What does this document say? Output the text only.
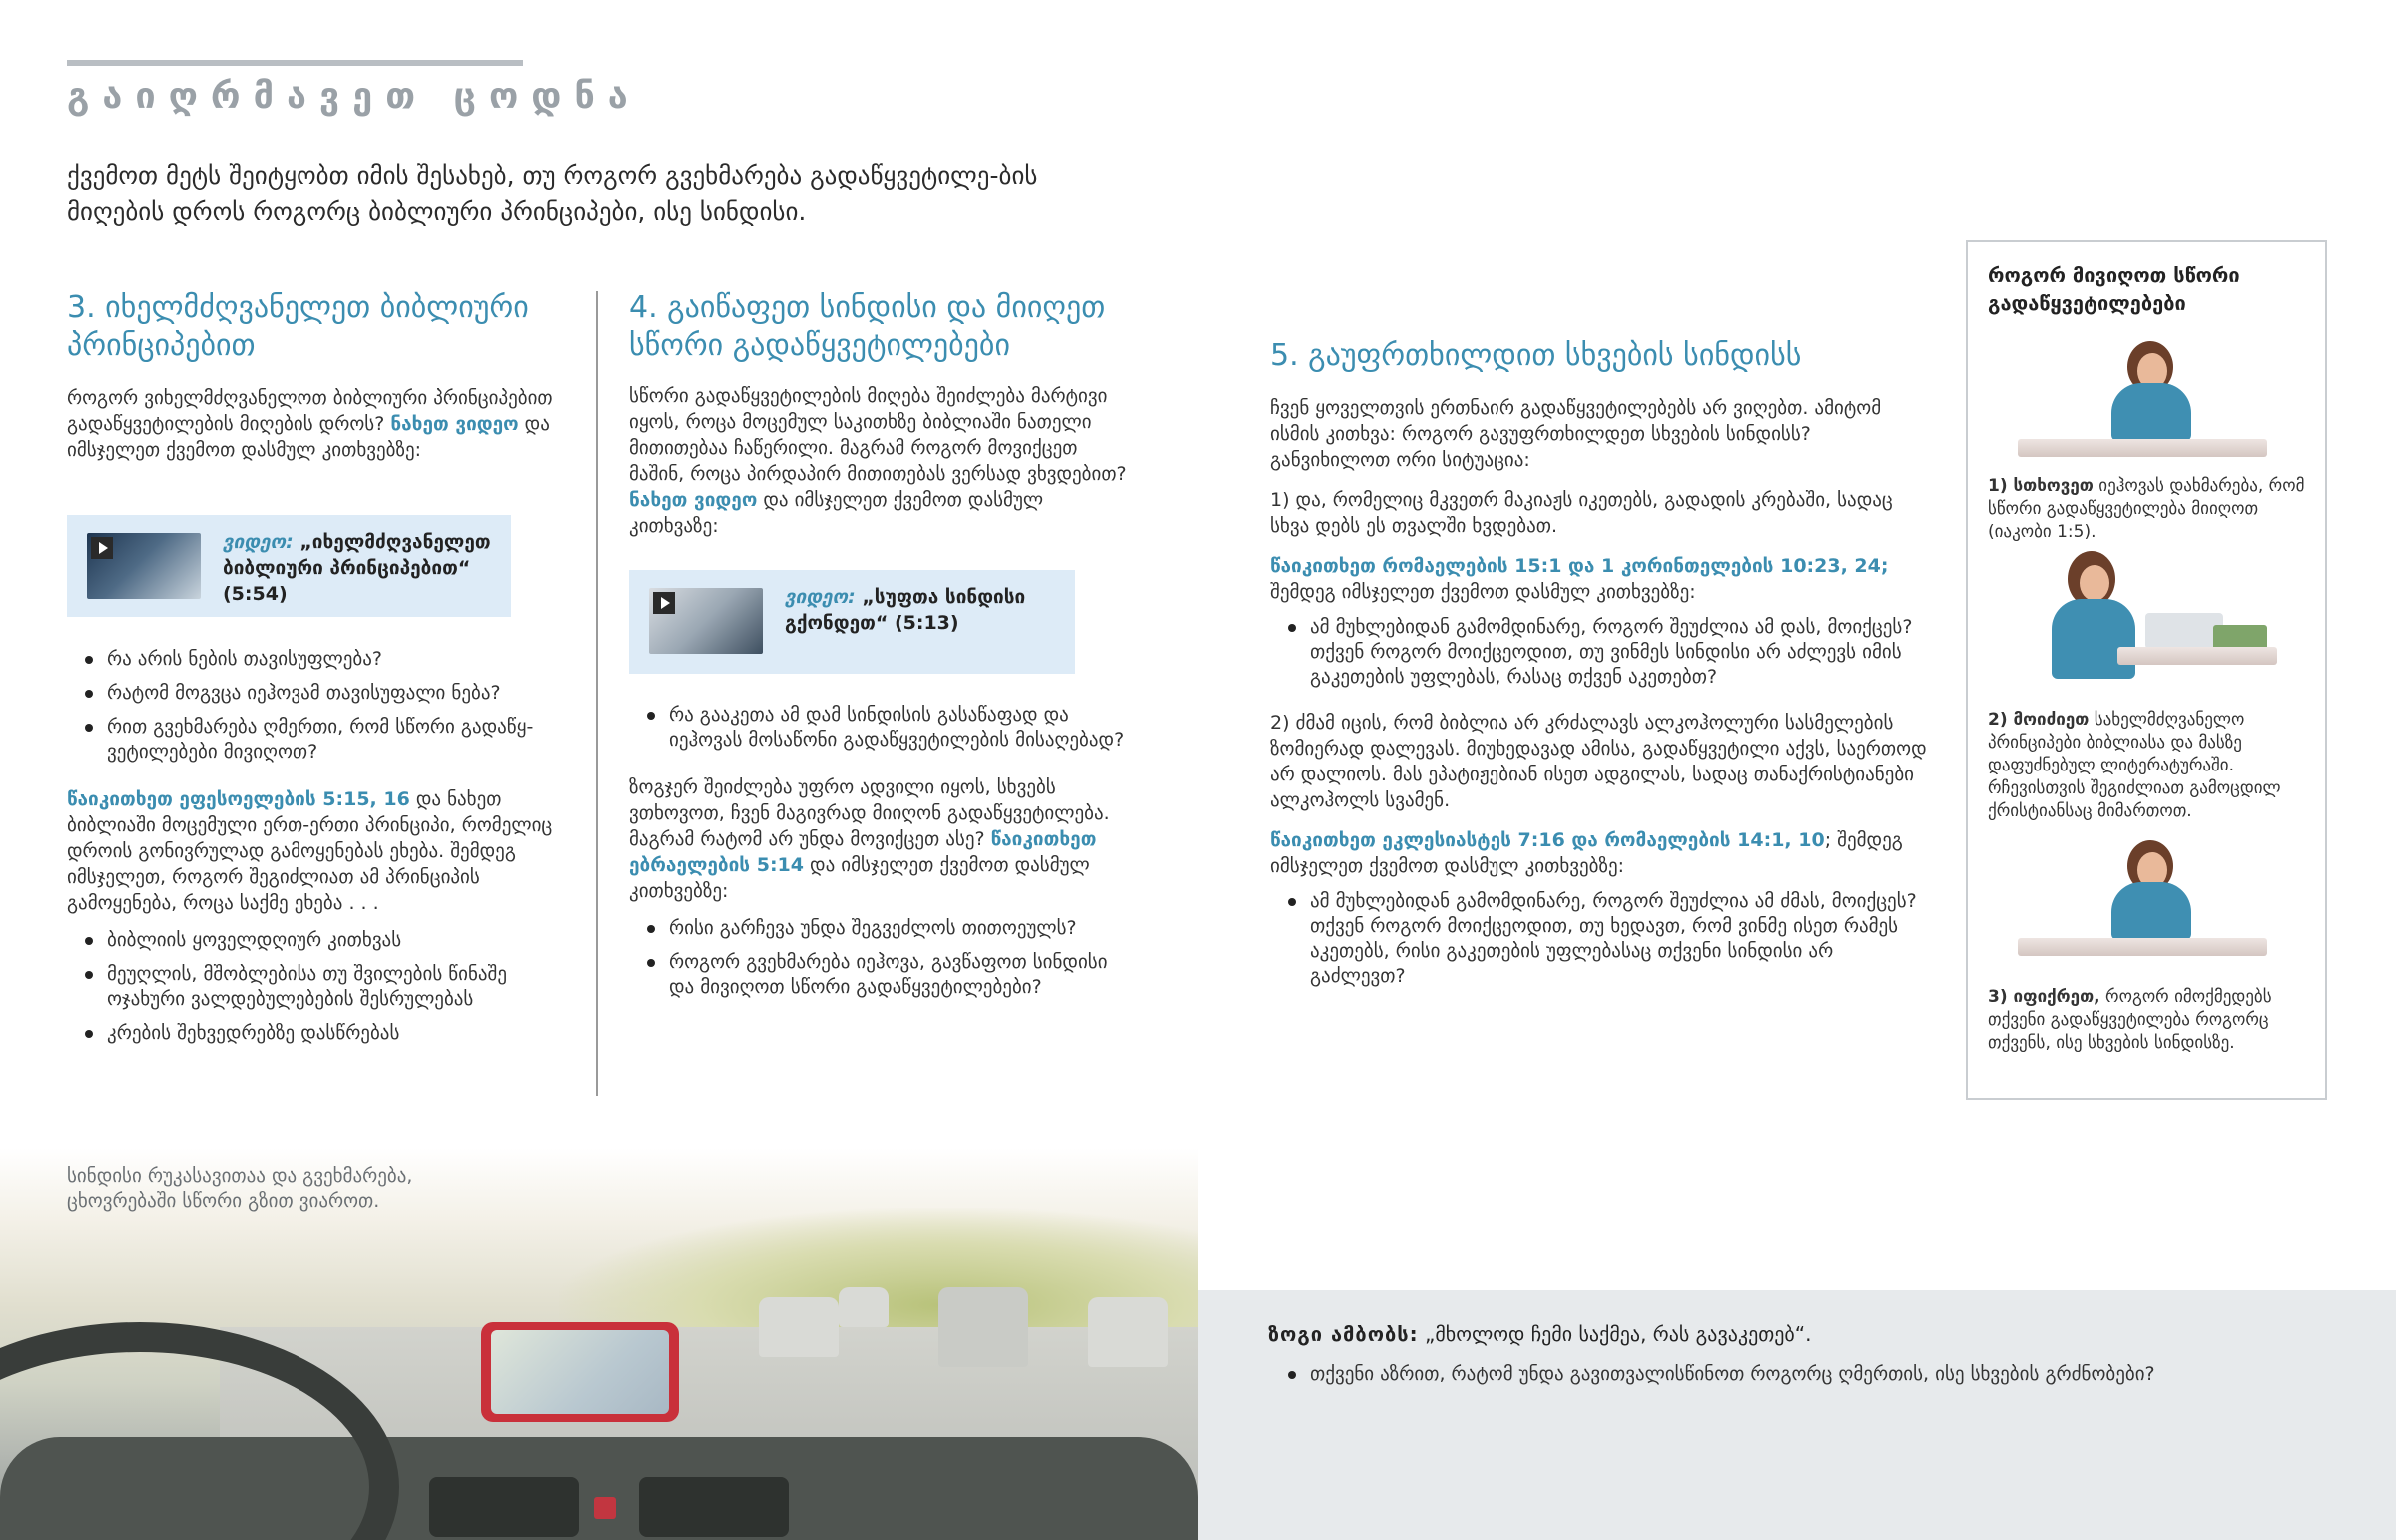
გაიღრმავეთ ცოდნა
ქვემოთ მეტს შეიტყობთ იმის შესახებ, თუ როგორ გვეხმარება გადაწყვეტილე-ბის მიღების დროს როგორც ბიბლიური პრინციპები, ისე სინდისი.
3. იხელმძღვანელეთ ბიბლიური პრინციპებით

როგორ ვიხელმძღვანელოთ ბიბლიური პრინციპებით გადაწყვეტილების მიღების დროს? ნახეთ ვიდეო და იმსჯელეთ ქვემოთ დასმულ კითხვებზე:

ვიდეო: „იხელმძღვანელეთ ბიბლიური პრინციპებით“ (5:54)
რა არის ნების თავისუფლება?
რატომ მოგვცა იეჰოვამ თავისუფალი ნება?
რით გვეხმარება ღმერთი, რომ სწორი გადაწყ-ვეტილებები მივიღოთ?

წაიკითხეთ ეფესოელების 5:15, 16 და ნახეთ ბიბლიაში მოცემული ერთ-ერთი პრინციპი, რომელიც დროის გონივრულად გამოყენებას ეხება. შემდეგ იმსჯელეთ, როგორ შეგიძლიათ ამ პრინციპის გამოყენება, როცა საქმე ეხება . . .

ბიბლიის ყოველდღიურ კითხვას
მეუღლის, მშობლებისა თუ შვილების წინაშე ოჯახური ვალდებულებების შესრულებას
კრების შეხვედრებზე დასწრებას
4. გაიწაფეთ სინდისი და მიიღეთ სწორი გადაწყვეტილებები

სწორი გადაწყვეტილების მიღება შეიძლება მარტივი იყოს, როცა მოცემულ საკითხზე ბიბლიაში ნათელი მითითებაა ჩაწერილი. მაგრამ როგორ მოვიქცეთ მაშინ, როცა პირდაპირ მითითებას ვერსად ვხვდებით? ნახეთ ვიდეო და იმსჯელეთ ქვემოთ დასმულ კითხვაზე:

ვიდეო: „სუფთა სინდისი გქონდეთ“ (5:13)
რა გააკეთა ამ დამ სინდისის გასაწაფად და იეჰოვას მოსაწონი გადაწყვეტილების მისაღებად?

ზოგჯერ შეიძლება უფრო ადვილი იყოს, სხვებს ვთხოვოთ, ჩვენ მაგივრად მიიღონ გადაწყვეტილება. მაგრამ რატომ არ უნდა მოვიქცეთ ასე? წაიკითხეთ ებრაელების 5:14 და იმსჯელეთ ქვემოთ დასმულ კითხვებზე:

რისი გარჩევა უნდა შეგვეძლოს თითოეულს?
როგორ გვეხმარება იეჰოვა, გავწაფოთ სინდისი და მივიღოთ სწორი გადაწყვეტილებები?
5. გაუფრთხილდით სხვების სინდისს

ჩვენ ყოველთვის ერთნაირ გადაწყვეტილებებს არ ვიღებთ. ამიტომ ისმის კითხვა: როგორ გავუფრთხილდეთ სხვების სინდისს? განვიხილოთ ორი სიტუაცია:

1) და, რომელიც მკვეთრ მაკიაჟს იკეთებს, გადადის კრებაში, სადაც სხვა დებს ეს თვალში ხვდებათ.

წაიკითხეთ რომაელების 15:1 და 1 კორინთელების 10:23, 24; შემდეგ იმსჯელეთ ქვემოთ დასმულ კითხვებზე:

ამ მუხლებიდან გამომდინარე, როგორ შეუძლია ამ დას, მოიქცეს? თქვენ როგორ მოიქცეოდით, თუ ვინმეს სინდისი არ აძლევს იმის გაკეთების უფლებას, რასაც თქვენ აკეთებთ?

2) ძმამ იცის, რომ ბიბლია არ კრძალავს ალკოჰოლური სასმელების ზომიერად დალევას. მიუხედავად ამისა, გადაწყვეტილი აქვს, საერთოდ არ დალიოს. მას ეპატიჟებიან ისეთ ადგილას, სადაც თანაქრისტიანები ალკოჰოლს სვამენ.

წაიკითხეთ ეკლესიასტეს 7:16 და რომაელების 14:1, 10; შემდეგ იმსჯელეთ ქვემოთ დასმულ კითხვებზე:

ამ მუხლებიდან გამომდინარე, როგორ შეუძლია ამ ძმას, მოიქცეს? თქვენ როგორ მოიქცეოდით, თუ ხედავთ, რომ ვინმე ისეთ რამეს აკეთებს, რისი გაკეთების უფლებასაც თქვენი სინდისი არ გაძლევთ?
როგორ მივიღოთ სწორი გადაწყვეტილებები
1) სთხოვეთ იეჰოვას დახმარება, რომ სწორი გადაწყვეტილება მიიღოთ (იაკობი 1:5).
2) მოიძიეთ სახელმძღვანელო პრინციპები ბიბლიასა და მასზე დაფუძნებულ ლიტერატურაში. რჩევისთვის შეგიძლიათ გამოცდილ ქრისტიანსაც მიმართოთ.
3) იფიქრეთ, როგორ იმოქმედებს თქვენი გადაწყვეტილება როგორც თქვენს, ისე სხვების სინდისზე.
სინდისი რუკასავითაა და გვეხმარება, ცხოვრებაში სწორი გზით ვიაროთ.
ზოგი ამბობს: „მხოლოდ ჩემი საქმეა, რას გავაკეთებ“.
თქვენი აზრით, რატომ უნდა გავითვალისწინოთ როგორც ღმერთის, ისე სხვების გრძნობები?
